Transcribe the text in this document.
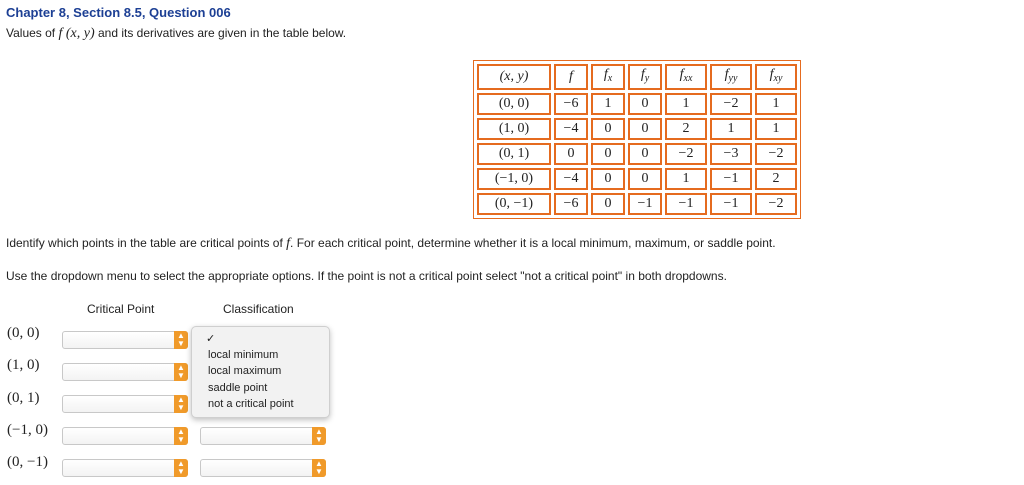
Chapter 8, Section 8.5, Question 006
Values of f (x, y) and its derivatives are given in the table below.
(x, y)	f	$f_x$	$f_y$	$f_{xx}$	$f_{yy}$	$f_{xy}$
(0, 0)	−6	1	0	1	−2	1
(1, 0)	−4	0	0	2	1	1
(0, 1)	0	0	0	−2	−3	−2
(−1, 0)	−4	0	0	1	−1	2
(0, −1)	−6	0	−1	−1	−1	−2
Identify which points in the table are critical points of f. For each critical point, determine whether it is a local minimum, maximum, or saddle point.
Use the dropdown menu to select the appropriate options. If the point is not a critical point select "not a critical point" in both dropdowns.
Critical Point	Classification
(0, 0)	▲
▼
(1, 0)	▲
▼
(0, 1)	▲
▼
(−1, 0)	▲
▼
▲
▼
(0, −1)	▲
▼
▲
▼
✓
local minimum
local maximum
saddle point
not a critical point
